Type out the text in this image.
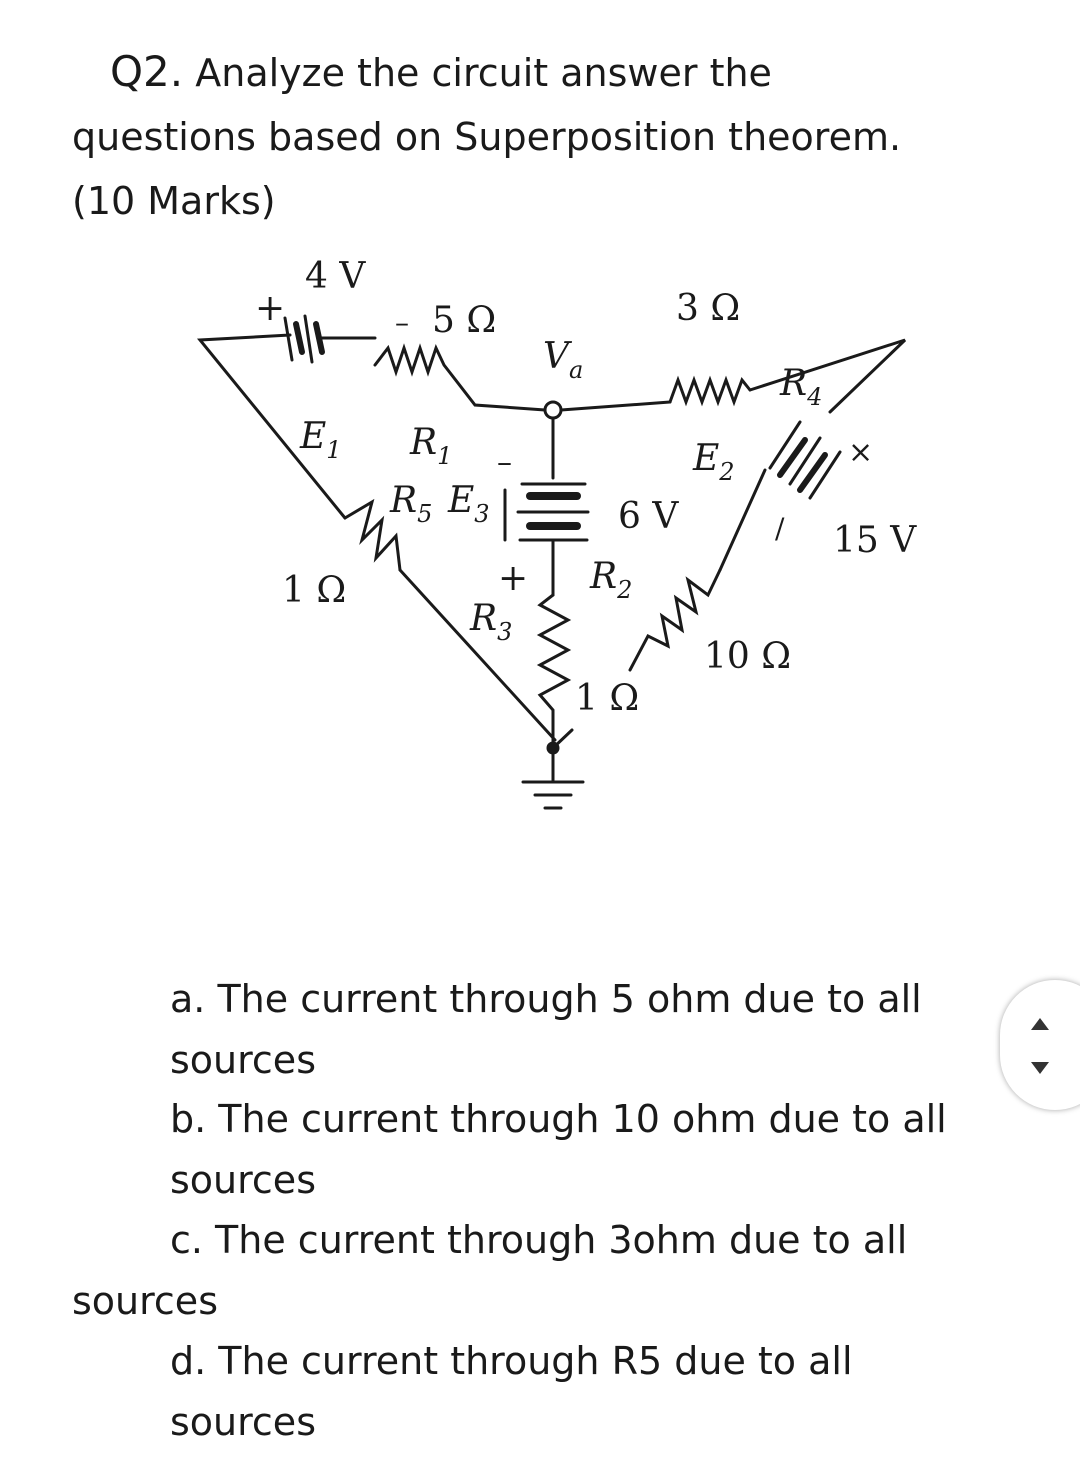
Q2. Analyze the circuit answer the
questions based on Superposition theorem.
(10 Marks)
4 V
+	– 5 Ω
$V_a$
3 Ω
$R_4$
$E_1$ $R_1$ –	$E_2$
×
$R_5$ $E_3$	6 V	/ 15 V
+ $R_2$
1 Ω
$R_3$
10 Ω
1 Ω
a. The current through 5 ohm due to all
sources
b. The current through 10 ohm due to all
sources
c. The current through 3ohm due to all
sources
d. The current through R5 due to all
sources
